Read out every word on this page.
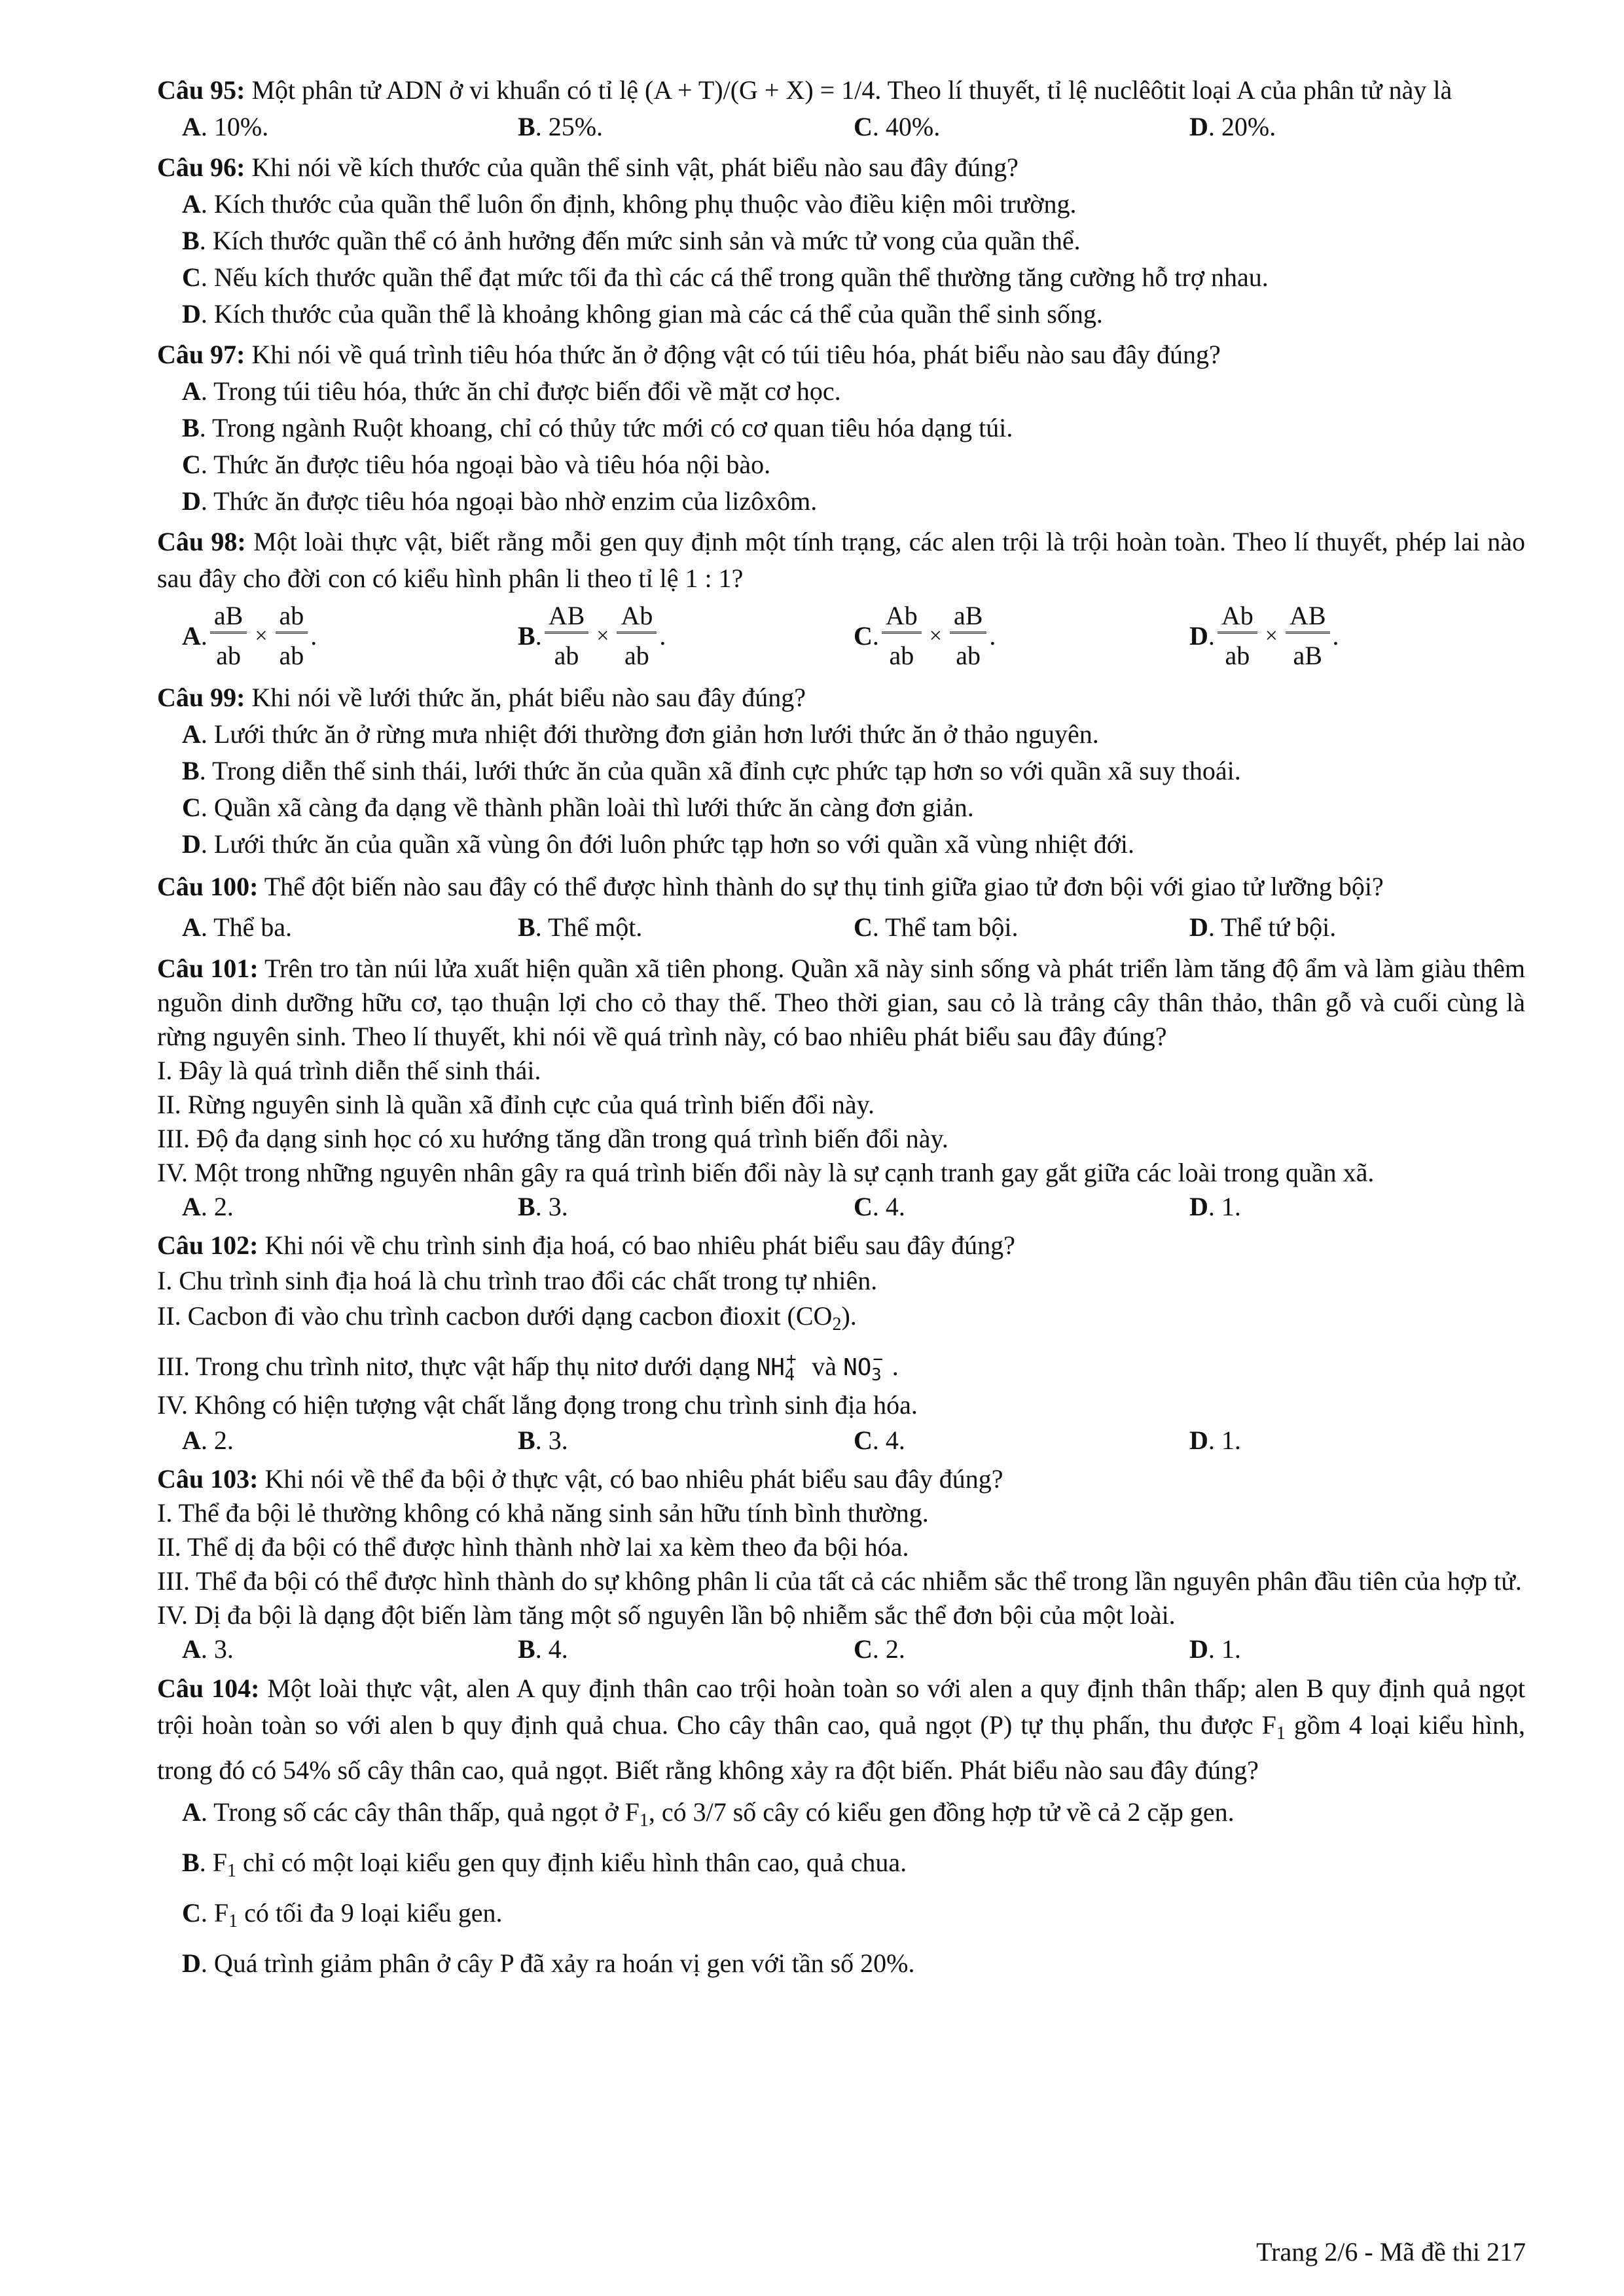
Câu 95: Một phân tử ADN ở vi khuẩn có tỉ lệ (A + T)/(G + X) = 1/4. Theo lí thuyết, tỉ lệ nuclêôtit loại A của phân tử này là
A. 10%.	B. 25%.	C. 40%.	D. 20%.
Câu 96: Khi nói về kích thước của quần thể sinh vật, phát biểu nào sau đây đúng?
A. Kích thước của quần thể luôn ổn định, không phụ thuộc vào điều kiện môi trường.
B. Kích thước quần thể có ảnh hưởng đến mức sinh sản và mức tử vong của quần thể.
C. Nếu kích thước quần thể đạt mức tối đa thì các cá thể trong quần thể thường tăng cường hỗ trợ nhau.
D. Kích thước của quần thể là khoảng không gian mà các cá thể của quần thể sinh sống.
Câu 97: Khi nói về quá trình tiêu hóa thức ăn ở động vật có túi tiêu hóa, phát biểu nào sau đây đúng?
A. Trong túi tiêu hóa, thức ăn chỉ được biến đổi về mặt cơ học.
B. Trong ngành Ruột khoang, chỉ có thủy tức mới có cơ quan tiêu hóa dạng túi.
C. Thức ăn được tiêu hóa ngoại bào và tiêu hóa nội bào.
D. Thức ăn được tiêu hóa ngoại bào nhờ enzim của lizôxôm.
Câu 98: Một loài thực vật, biết rằng mỗi gen quy định một tính trạng, các alen trội là trội hoàn toàn. Theo lí thuyết, phép lai nào sau đây cho đời con có kiểu hình phân li theo tỉ lệ 1 : 1?
A . $\frac{aB}{ab} \times \frac{ab}{ab}$ .	B . $\frac{AB}{ab} \times \frac{Ab}{ab}$ .	C . $\frac{Ab}{ab} \times \frac{aB}{ab}$ .	D . $\frac{Ab}{ab} \times \frac{AB}{aB}$ .
Câu 99: Khi nói về lưới thức ăn, phát biểu nào sau đây đúng?
A. Lưới thức ăn ở rừng mưa nhiệt đới thường đơn giản hơn lưới thức ăn ở thảo nguyên.
B. Trong diễn thế sinh thái, lưới thức ăn của quần xã đỉnh cực phức tạp hơn so với quần xã suy thoái.
C. Quần xã càng đa dạng về thành phần loài thì lưới thức ăn càng đơn giản.
D. Lưới thức ăn của quần xã vùng ôn đới luôn phức tạp hơn so với quần xã vùng nhiệt đới.
Câu 100: Thể đột biến nào sau đây có thể được hình thành do sự thụ tinh giữa giao tử đơn bội với giao tử lưỡng bội?
A. Thể ba.	B. Thể một.	C. Thể tam bội.	D. Thể tứ bội.
Câu 101: Trên tro tàn núi lửa xuất hiện quần xã tiên phong. Quần xã này sinh sống và phát triển làm tăng độ ẩm và làm giàu thêm nguồn dinh dưỡng hữu cơ, tạo thuận lợi cho cỏ thay thế. Theo thời gian, sau cỏ là trảng cây thân thảo, thân gỗ và cuối cùng là rừng nguyên sinh. Theo lí thuyết, khi nói về quá trình này, có bao nhiêu phát biểu sau đây đúng?
I. Đây là quá trình diễn thế sinh thái.
II. Rừng nguyên sinh là quần xã đỉnh cực của quá trình biến đổi này.
III. Độ đa dạng sinh học có xu hướng tăng dần trong quá trình biến đổi này.
IV. Một trong những nguyên nhân gây ra quá trình biến đổi này là sự cạnh tranh gay gắt giữa các loài trong quần xã.
A. 2.	B. 3.	C. 4.	D. 1.
Câu 102: Khi nói về chu trình sinh địa hoá, có bao nhiêu phát biểu sau đây đúng?
I. Chu trình sinh địa hoá là chu trình trao đổi các chất trong tự nhiên.
II. Cacbon đi vào chu trình cacbon dưới dạng cacbon đioxit $(CO_2)$.
III. Trong chu trình nitơ, thực vật hấp thụ nitơ dưới dạng $NH^+_4$ và $NO^-_3$ .
IV. Không có hiện tượng vật chất lắng đọng trong chu trình sinh địa hóa.
A. 2.	B. 3.	C. 4.	D. 1.
Câu 103: Khi nói về thể đa bội ở thực vật, có bao nhiêu phát biểu sau đây đúng?
I. Thể đa bội lẻ thường không có khả năng sinh sản hữu tính bình thường.
II. Thể dị đa bội có thể được hình thành nhờ lai xa kèm theo đa bội hóa.
III. Thể đa bội có thể được hình thành do sự không phân li của tất cả các nhiễm sắc thể trong lần nguyên phân đầu tiên của hợp tử.
IV. Dị đa bội là dạng đột biến làm tăng một số nguyên lần bộ nhiễm sắc thể đơn bội của một loài.
A. 3.	B. 4.	C. 2.	D. 1.
Câu 104: Một loài thực vật, alen A quy định thân cao trội hoàn toàn so với alen a quy định thân thấp; alen B quy định quả ngọt trội hoàn toàn so với alen b quy định quả chua. Cho cây thân cao, quả ngọt (P) tự thụ phấn, thu được $F_1$ gồm 4 loại kiểu hình, trong đó có 54% số cây thân cao, quả ngọt. Biết rằng không xảy ra đột biến. Phát biểu nào sau đây đúng?
A. Trong số các cây thân thấp, quả ngọt ở $F_1$, có 3/7 số cây có kiểu gen đồng hợp tử về cả 2 cặp gen.
B. $F_1$ chỉ có một loại kiểu gen quy định kiểu hình thân cao, quả chua.
C. $F_1$ có tối đa 9 loại kiểu gen.
D. Quá trình giảm phân ở cây P đã xảy ra hoán vị gen với tần số 20%.
Trang 2/6 - Mã đề thi 217
